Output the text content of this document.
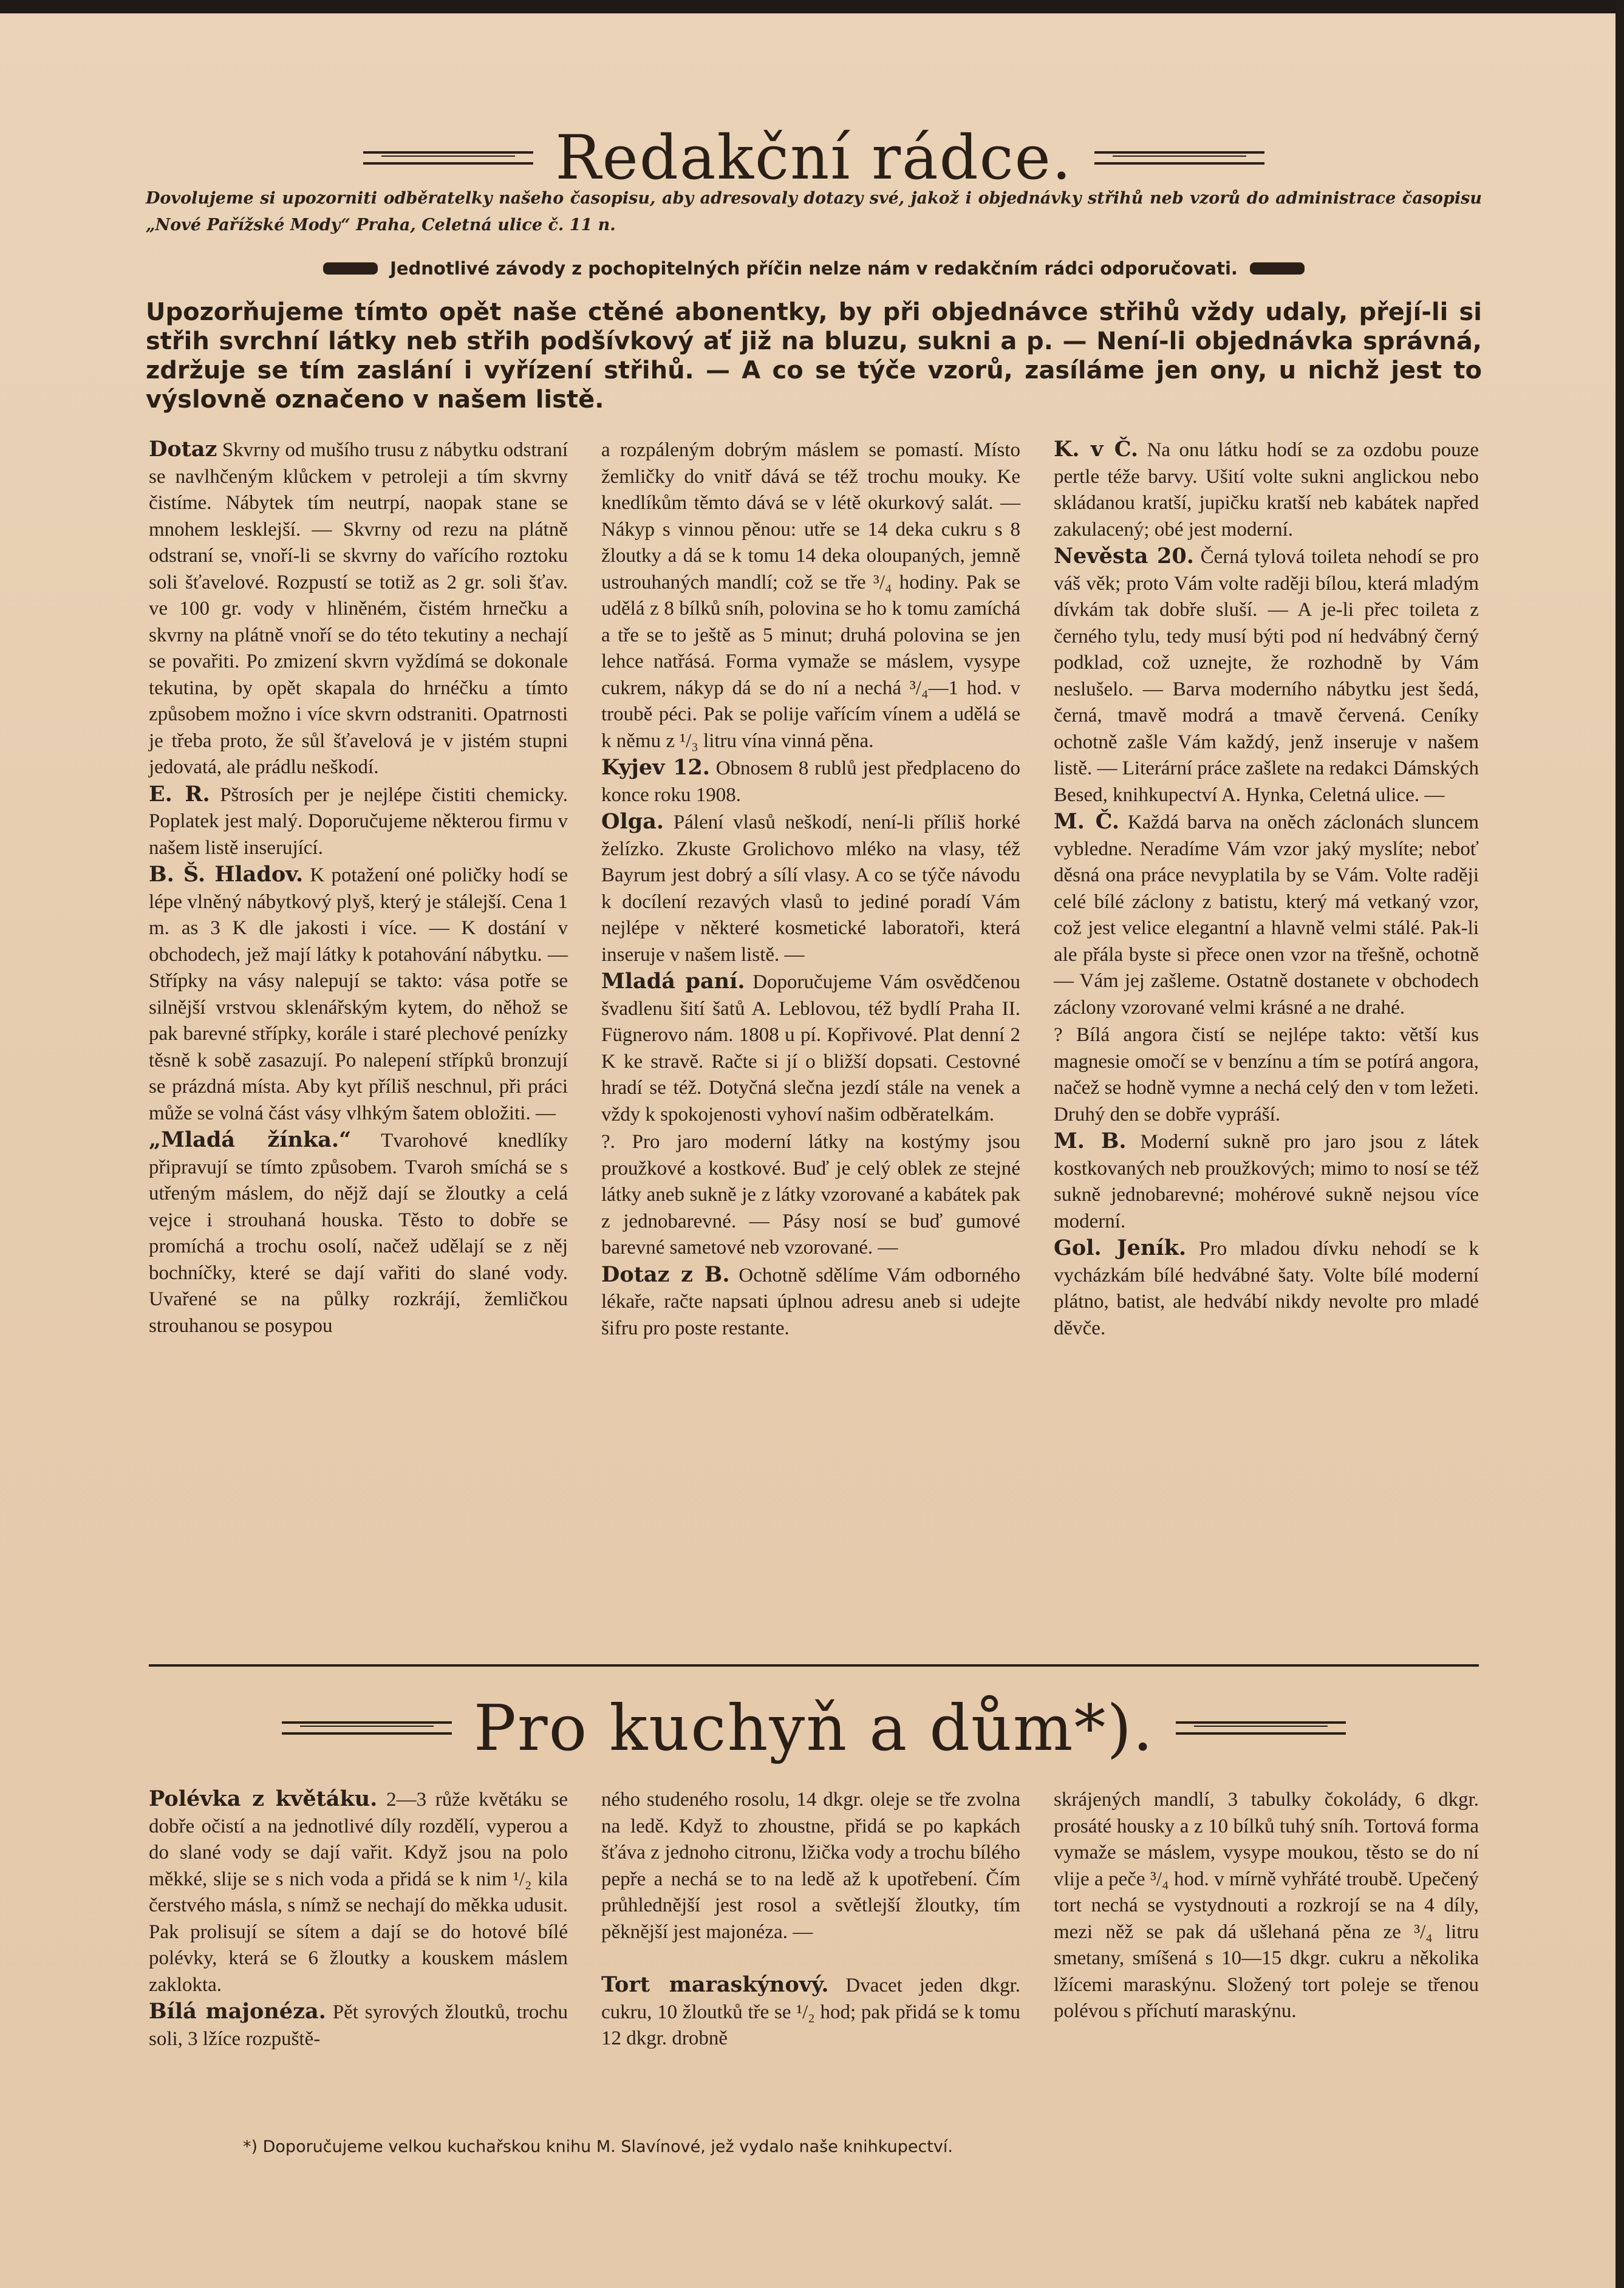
Redakční rádce.
Dovolujeme si upozorniti odběratelky našeho časopisu, aby adresovaly dotazy své, jakož i objednávky střihů neb vzorů do administrace časopisu „Nové Pařížské Mody“ Praha, Celetná ulice č. 11 n.
Jednotlivé závody z pochopitelných příčin nelze nám v redakčním rádci odporučovati.
Upozorňujeme tímto opět naše ctěné abonentky, by při objednávce střihů vždy udaly, přejí-li si střih svrchní látky neb střih podšívkový ať již na bluzu, sukni a p. — Není-li objednávka správná, zdržuje se tím zaslání i vyřízení střihů. — A co se týče vzorů, zasíláme jen ony, u nichž jest to výslovně označeno v našem listě.

Dotaz Skvrny od mušího trusu z nábytku odstraní se navlhčeným klůckem v petroleji a tím skvrny čistíme. Nábytek tím neutrpí, naopak stane se mnohem lesklejší. — Skvrny od rezu na plátně odstraní se, vnoří-li se skvrny do vařícího roztoku soli šťavelové. Rozpustí se totiž as 2 gr. soli šťav. ve 100 gr. vody v hliněném, čistém hrnečku a skvrny na plátně vnoří se do této tekutiny a nechají se povařiti. Po zmizení skvrn vyždímá se dokonale tekutina, by opět skapala do hrnéčku a tímto způsobem možno i více skvrn odstraniti. Opatrnosti je třeba proto, že sůl šťavelová je v jistém stupni jedovatá, ale prádlu neškodí.

E. R. Pštrosích per je nejlépe čistiti chemicky. Poplatek jest malý. Doporučujeme některou firmu v našem listě inserující.

B. Š. Hladov. K potažení oné poličky hodí se lépe vlněný nábytkový plyš, který je stálejší. Cena 1 m. as 3 K dle jakosti i více. — K dostání v obchodech, jež mají látky k potahování nábytku. — Střípky na vásy nalepují se takto: vása potře se silnější vrstvou sklenářským kytem, do něhož se pak barevné střípky, korále i staré plechové penízky těsně k sobě zasazují. Po nalepení střípků bronzují se prázdná místa. Aby kyt příliš neschnul, při práci může se volná část vásy vlhkým šatem obložiti. —

„Mladá žínka.“ Tvarohové knedlíky připravují se tímto způsobem. Tvaroh smíchá se s utřeným máslem, do nějž dají se žloutky a celá vejce i strouhaná houska. Těsto to dobře se promíchá a trochu osolí, načež udělají se z něj bochníčky, které se dají vařiti do slané vody. Uvařené se na půlky rozkrájí, žemličkou strouhanou se posypou

a rozpáleným dobrým máslem se pomastí. Místo žemličky do vnitř dává se též trochu mouky. Ke knedlíkům těmto dává se v létě okurkový salát. — Nákyp s vinnou pěnou: utře se 14 deka cukru s 8 žloutky a dá se k tomu 14 deka oloupaných, jemně ustrouhaných mandlí; což se tře ³/₄ hodiny. Pak se udělá z 8 bílků sníh, polovina se ho k tomu zamíchá a tře se to ještě as 5 minut; druhá polovina se jen lehce natřásá. Forma vymaže se máslem, vysype cukrem, nákyp dá se do ní a nechá ³/₄—1 hod. v troubě péci. Pak se polije vařícím vínem a udělá se k němu z ¹/₃ litru vína vinná pěna.

Kyjev 12. Obnosem 8 rublů jest předplaceno do konce roku 1908.

Olga. Pálení vlasů neškodí, není-li příliš horké želízko. Zkuste Grolichovo mléko na vlasy, též Bayrum jest dobrý a sílí vlasy. A co se týče návodu k docílení rezavých vlasů to jediné poradí Vám nejlépe v některé kosmetické laboratoři, která inseruje v našem listě. —

Mladá paní. Doporučujeme Vám osvědčenou švadlenu šití šatů A. Leblovou, též bydlí Praha II. Fügnerovo nám. 1808 u pí. Kopřivové. Plat denní 2 K ke stravě. Račte si jí o bližší dopsati. Cestovné hradí se též. Dotyčná slečna jezdí stále na venek a vždy k spokojenosti vyhoví našim odběratelkám.

?. Pro jaro moderní látky na kostýmy jsou proužkové a kostkové. Buď je celý oblek ze stejné látky aneb sukně je z látky vzorované a kabátek pak z jednobarevné. — Pásy nosí se buď gumové barevné sametové neb vzorované. —

Dotaz z B. Ochotně sdělíme Vám odborného lékaře, račte napsati úplnou adresu aneb si udejte šifru pro poste restante.

K. v Č. Na onu látku hodí se za ozdobu pouze pertle téže barvy. Ušití volte sukni anglickou nebo skládanou kratší, jupičku kratší neb kabátek napřed zakulacený; obé jest moderní.

Nevěsta 20. Černá tylová toileta nehodí se pro váš věk; proto Vám volte raději bílou, která mladým dívkám tak dobře sluší. — A je-li přec toileta z černého tylu, tedy musí býti pod ní hedvábný černý podklad, což uznejte, že rozhodně by Vám neslušelo. — Barva moderního nábytku jest šedá, černá, tmavě modrá a tmavě červená. Ceníky ochotně zašle Vám každý, jenž inseruje v našem listě. — Literární práce zašlete na redakci Dámských Besed, knihkupectví A. Hynka, Celetná ulice. —

M. Č. Každá barva na oněch záclonách sluncem vybledne. Neradíme Vám vzor jaký myslíte; neboť děsná ona práce nevyplatila by se Vám. Volte raději celé bílé záclony z batistu, který má vetkaný vzor, což jest velice elegantní a hlavně velmi stálé. Pak-li ale přála byste si přece onen vzor na třešně, ochotně — Vám jej zašleme. Ostatně dostanete v obchodech záclony vzorované velmi krásné a ne drahé.

? Bílá angora čistí se nejlépe takto: větší kus magnesie omočí se v benzínu a tím se potírá angora, načež se hodně vymne a nechá celý den v tom ležeti. Druhý den se dobře vypráší.

M. B. Moderní sukně pro jaro jsou z látek kostkovaných neb proužkových; mimo to nosí se též sukně jednobarevné; mohérové sukně nejsou více moderní.

Gol. Jeník. Pro mladou dívku nehodí se k vycházkám bílé hedvábné šaty. Volte bílé moderní plátno, batist, ale hedvábí nikdy nevolte pro mladé děvče.

Pro kuchyň a dům*).

Polévka z květáku. 2—3 růže květáku se dobře očistí a na jednotlivé díly rozdělí, vyperou a do slané vody se dají vařit. Když jsou na polo měkké, slije se s nich voda a přidá se k nim ¹/₂ kila čerstvého másla, s nímž se nechají do měkka udusit. Pak prolisují se sítem a dají se do hotové bílé polévky, která se 6 žloutky a kouskem máslem zaklokta.

Bílá majonéza. Pět syrových žloutků, trochu soli, 3 lžíce rozpuště-

ného studeného rosolu, 14 dkgr. oleje se tře zvolna na ledě. Když to zhoustne, přidá se po kapkách šťáva z jednoho citronu, lžička vody a trochu bílého pepře a nechá se to na ledě až k upotřebení. Čím průhlednější jest rosol a světlejší žloutky, tím pěknější jest majonéza. —

Tort maraskýnový. Dvacet jeden dkgr. cukru, 10 žloutků tře se ¹/₂ hod; pak přidá se k tomu 12 dkgr. drobně

skrájených mandlí, 3 tabulky čokolády, 6 dkgr. prosáté housky a z 10 bílků tuhý sníh. Tortová forma vymaže se máslem, vysype moukou, těsto se do ní vlije a peče ³/₄ hod. v mírně vyhřáté troubě. Upečený tort nechá se vystydnouti a rozkrojí se na 4 díly, mezi něž se pak dá ušlehaná pěna ze ³/₄ litru smetany, smíšená s 10—15 dkgr. cukru a několika lžícemi maraskýnu. Složený tort poleje se třenou polévou s příchutí maraskýnu.

*) Doporučujeme velkou kuchařskou knihu M. Slavínové, jež vydalo naše knihkupectví.
